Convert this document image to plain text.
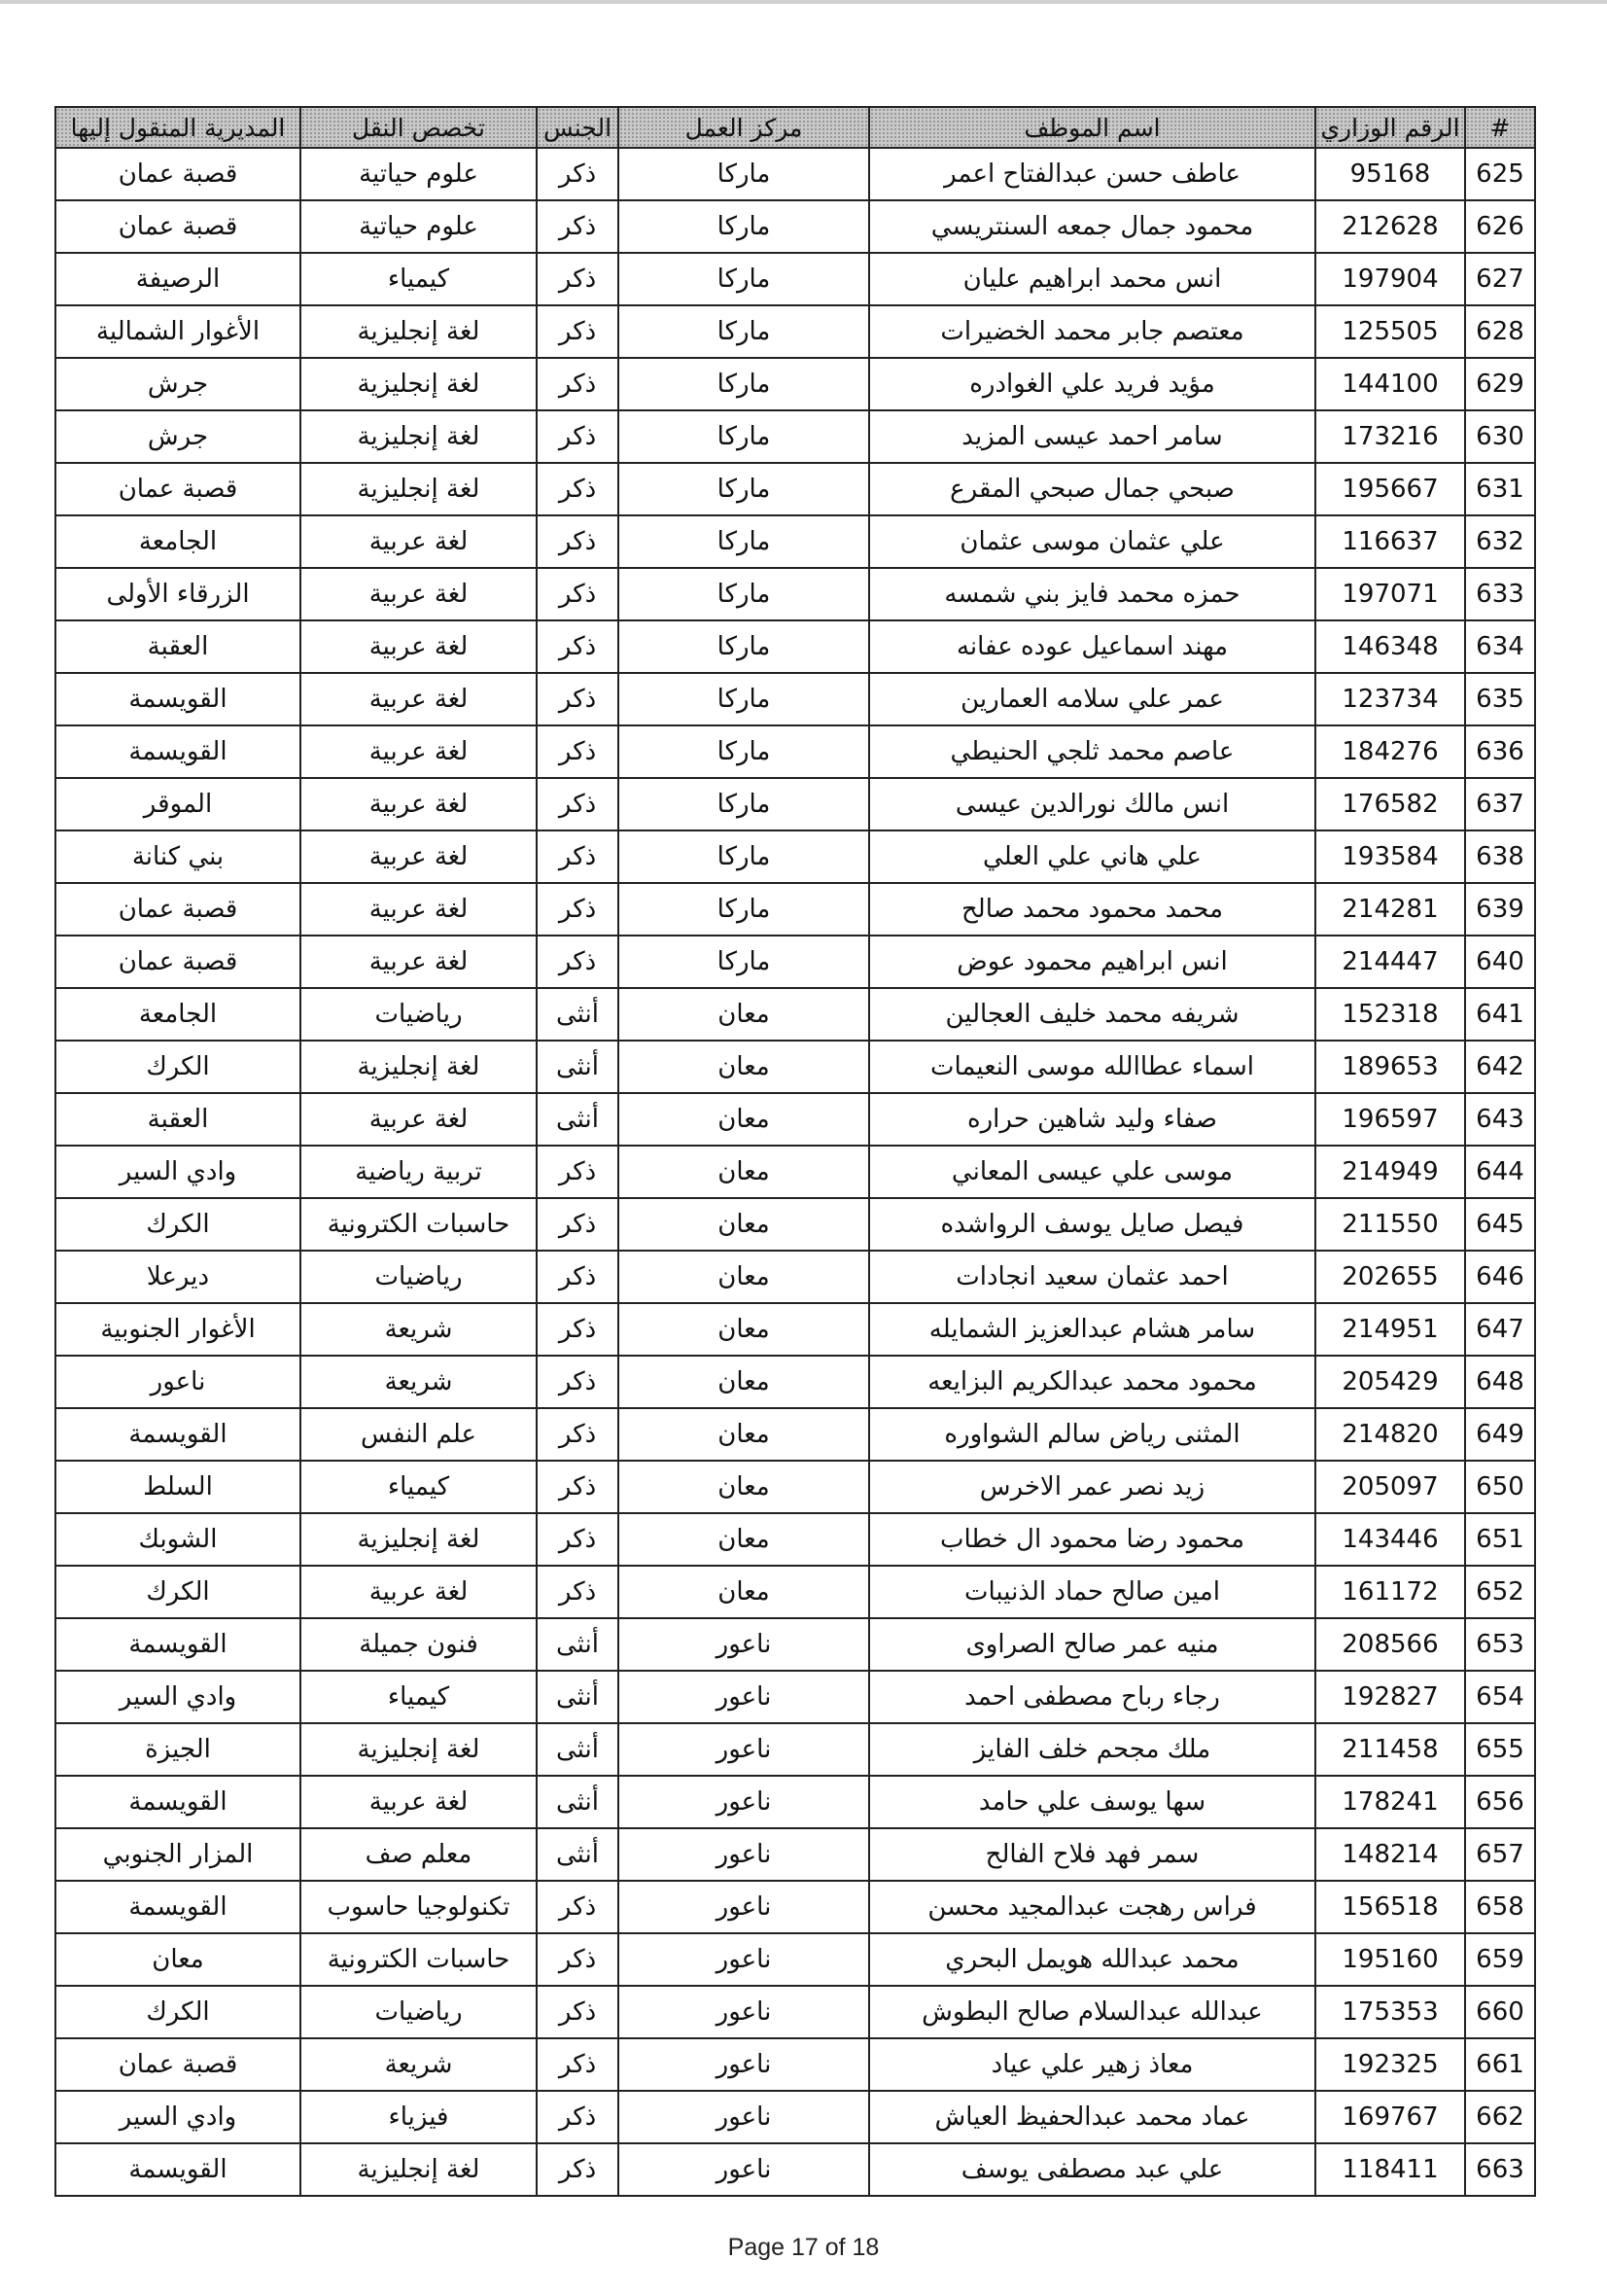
#	الرقم الوزاري	اسم الموظف	مركز العمل	الجنس	تخصص النقل	المديرية المنقول إليها
625	95168	عاطف حسن عبدالفتاح اعمر	ماركا	ذكر	علوم حياتية	قصبة عمان
626	212628	محمود جمال جمعه السنتريسي	ماركا	ذكر	علوم حياتية	قصبة عمان
627	197904	انس محمد ابراهيم عليان	ماركا	ذكر	كيمياء	الرصيفة
628	125505	معتصم جابر محمد الخضيرات	ماركا	ذكر	لغة إنجليزية	الأغوار الشمالية
629	144100	مؤيد فريد علي الغوادره	ماركا	ذكر	لغة إنجليزية	جرش
630	173216	سامر احمد عيسى المزيد	ماركا	ذكر	لغة إنجليزية	جرش
631	195667	صبحي جمال صبحي المقرع	ماركا	ذكر	لغة إنجليزية	قصبة عمان
632	116637	علي عثمان موسى عثمان	ماركا	ذكر	لغة عربية	الجامعة
633	197071	حمزه محمد فايز بني شمسه	ماركا	ذكر	لغة عربية	الزرقاء الأولى
634	146348	مهند اسماعيل عوده عفانه	ماركا	ذكر	لغة عربية	العقبة
635	123734	عمر علي سلامه العمارين	ماركا	ذكر	لغة عربية	القويسمة
636	184276	عاصم محمد ثلجي الحنيطي	ماركا	ذكر	لغة عربية	القويسمة
637	176582	انس مالك نورالدين عيسى	ماركا	ذكر	لغة عربية	الموقر
638	193584	علي هاني علي العلي	ماركا	ذكر	لغة عربية	بني كنانة
639	214281	محمد محمود محمد صالح	ماركا	ذكر	لغة عربية	قصبة عمان
640	214447	انس ابراهيم محمود عوض	ماركا	ذكر	لغة عربية	قصبة عمان
641	152318	شريفه محمد خليف العجالين	معان	أنثى	رياضيات	الجامعة
642	189653	اسماء عطاالله موسى النعيمات	معان	أنثى	لغة إنجليزية	الكرك
643	196597	صفاء وليد شاهين حراره	معان	أنثى	لغة عربية	العقبة
644	214949	موسى علي عيسى المعاني	معان	ذكر	تربية رياضية	وادي السير
645	211550	فيصل صايل يوسف الرواشده	معان	ذكر	حاسبات الكترونية	الكرك
646	202655	احمد عثمان سعيد انجادات	معان	ذكر	رياضيات	ديرعلا
647	214951	سامر هشام عبدالعزيز الشمايله	معان	ذكر	شريعة	الأغوار الجنوبية
648	205429	محمود محمد عبدالكريم البزايعه	معان	ذكر	شريعة	ناعور
649	214820	المثنى رياض سالم الشواوره	معان	ذكر	علم النفس	القويسمة
650	205097	زيد نصر عمر الاخرس	معان	ذكر	كيمياء	السلط
651	143446	محمود رضا محمود ال خطاب	معان	ذكر	لغة إنجليزية	الشوبك
652	161172	امين صالح حماد الذنيبات	معان	ذكر	لغة عربية	الكرك
653	208566	منيه عمر صالح الصراوى	ناعور	أنثى	فنون جميلة	القويسمة
654	192827	رجاء رباح مصطفى احمد	ناعور	أنثى	كيمياء	وادي السير
655	211458	ملك مجحم خلف الفايز	ناعور	أنثى	لغة إنجليزية	الجيزة
656	178241	سها يوسف علي حامد	ناعور	أنثى	لغة عربية	القويسمة
657	148214	سمر فهد فلاح الفالح	ناعور	أنثى	معلم صف	المزار الجنوبي
658	156518	فراس رهجت عبدالمجيد محسن	ناعور	ذكر	تكنولوجيا حاسوب	القويسمة
659	195160	محمد عبدالله هويمل البحري	ناعور	ذكر	حاسبات الكترونية	معان
660	175353	عبدالله عبدالسلام صالح البطوش	ناعور	ذكر	رياضيات	الكرك
661	192325	معاذ زهير علي عياد	ناعور	ذكر	شريعة	قصبة عمان
662	169767	عماد محمد عبدالحفيظ العياش	ناعور	ذكر	فيزياء	وادي السير
663	118411	علي عبد مصطفى يوسف	ناعور	ذكر	لغة إنجليزية	القويسمة
Page 17 of 18
